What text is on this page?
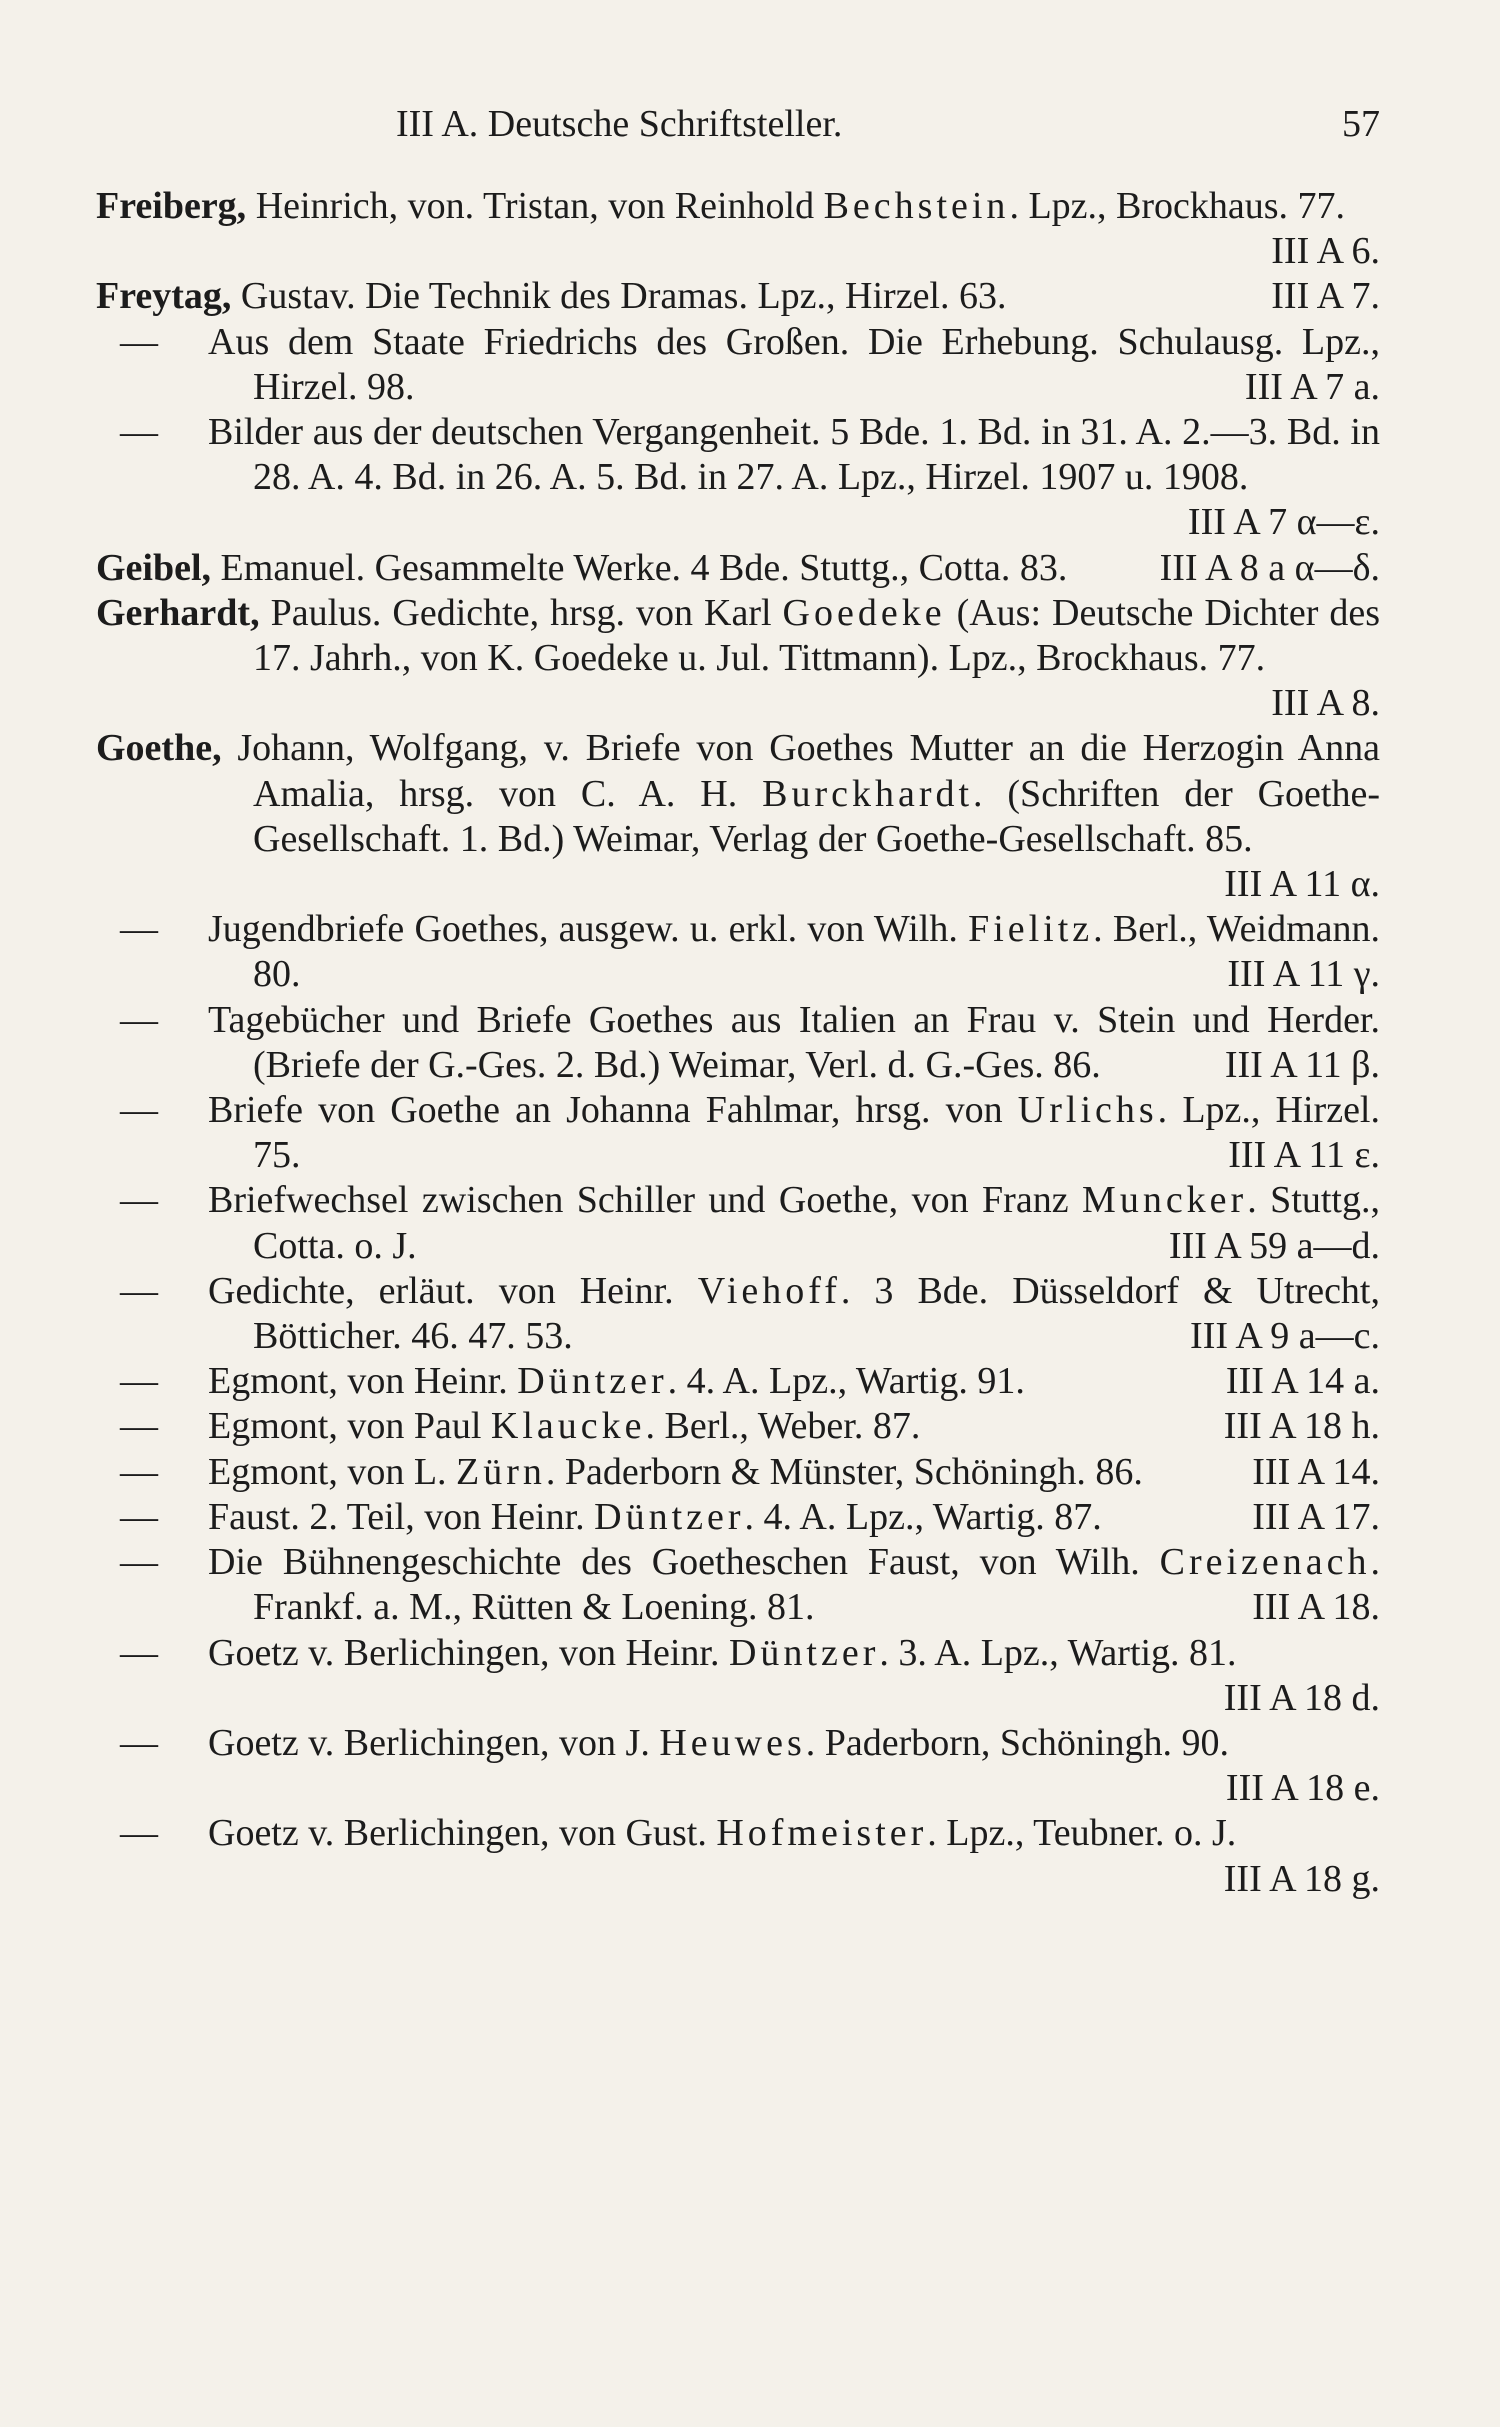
III A. Deutsche Schriftsteller.	57

Freiberg, Heinrich, von. Tristan, von Reinhold Bechstein. Lpz., Brockhaus. 77.
III A 6.

Freytag, Gustav. Die Technik des Dramas. Lpz., Hirzel. 63.	III A 7.

— Aus dem Staate Friedrichs des Großen. Die Erhebung. Schulausg. Lpz., Hirzel. 98.	III A 7 a.

— Bilder aus der deutschen Vergangenheit. 5 Bde. 1. Bd. in 31. A. 2.—3. Bd. in 28. A. 4. Bd. in 26. A. 5. Bd. in 27. A. Lpz., Hirzel. 1907 u. 1908.
III A 7 α—ε.

Geibel, Emanuel. Gesammelte Werke. 4 Bde. Stuttg., Cotta. 83.	III A 8 a α—δ.

Gerhardt, Paulus. Gedichte, hrsg. von Karl Goedeke (Aus: Deutsche Dichter des 17. Jahrh., von K. Goedeke u. Jul. Tittmann). Lpz., Brockhaus. 77.
III A 8.

Goethe, Johann, Wolfgang, v. Briefe von Goethes Mutter an die Herzogin Anna Amalia, hrsg. von C. A. H. Burckhardt. (Schriften der Goethe-Gesellschaft. 1. Bd.) Weimar, Verlag der Goethe-Gesellschaft. 85.
III A 11 α.

— Jugendbriefe Goethes, ausgew. u. erkl. von Wilh. Fielitz. Berl., Weidmann. 80.	III A 11 γ.

— Tagebücher und Briefe Goethes aus Italien an Frau v. Stein und Herder. (Briefe der G.-Ges. 2. Bd.) Weimar, Verl. d. G.-Ges. 86.	III A 11 β.

— Briefe von Goethe an Johanna Fahlmar, hrsg. von Urlichs. Lpz., Hirzel. 75.	III A 11 ε.

— Briefwechsel zwischen Schiller und Goethe, von Franz Muncker. Stuttg., Cotta. o. J.	III A 59 a—d.

— Gedichte, erläut. von Heinr. Viehoff. 3 Bde. Düsseldorf & Utrecht, Bötticher. 46. 47. 53.	III A 9 a—c.

— Egmont, von Heinr. Düntzer. 4. A. Lpz., Wartig. 91.	III A 14 a.

— Egmont, von Paul Klaucke. Berl., Weber. 87.	III A 18 h.

— Egmont, von L. Zürn. Paderborn & Münster, Schöningh. 86.	III A 14.

— Faust. 2. Teil, von Heinr. Düntzer. 4. A. Lpz., Wartig. 87.	III A 17.

— Die Bühnengeschichte des Goetheschen Faust, von Wilh. Creizenach. Frankf. a. M., Rütten & Loening. 81.	III A 18.

— Goetz v. Berlichingen, von Heinr. Düntzer. 3. A. Lpz., Wartig. 81.
III A 18 d.

— Goetz v. Berlichingen, von J. Heuwes. Paderborn, Schöningh. 90.
III A 18 e.

— Goetz v. Berlichingen, von Gust. Hofmeister. Lpz., Teubner. o. J.
III A 18 g.
